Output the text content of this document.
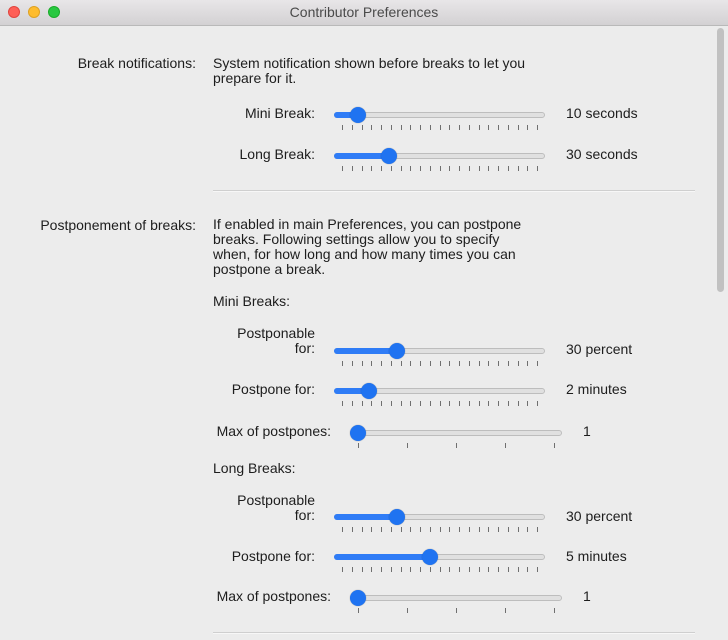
Contributor Preferences
Break notifications: System notification shown before breaks to let you
prepare for it.
Mini Break:	10 seconds
Long Break:	30 seconds
Postponement of breaks: If enabled in main Preferences, you can postpone
breaks. Following settings allow you to specify
when, for how long and how many times you can
postpone a break.
Mini Breaks:
Postponable
for:	30 percent
Postpone for:	2 minutes
Max of postpones:	1
Long Breaks:
Postponable
for:	30 percent
Postpone for:	5 minutes
Max of postpones:	1
